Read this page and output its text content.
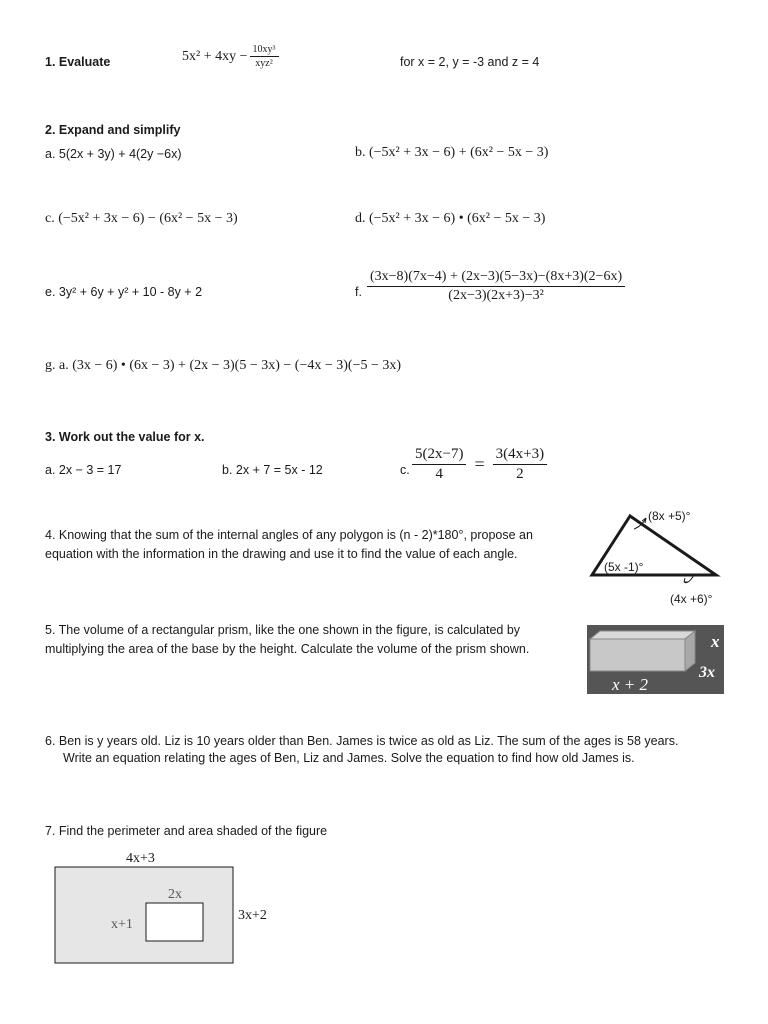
1. Evaluate	$5x^2 + 4xy - \frac{\text{10xy³}}{\text{xyz²}}$	for x = 2, y = -3 and z = 4
2. Expand and simplify
a. 5(2x + 3y) + 4(2y −6x)	b. (−5x² + 3x − 6) + (6x² − 5x − 3)
c. (−5x² + 3x − 6) − (6x² − 5x − 3)	d. (−5x² + 3x − 6) • (6x² − 5x − 3)
e. 3y² + 6y + y² + 10 - 8y + 2	f. $\frac{(3x-8)(7x-4) + (2x-3)(5-3x)-(8x+3)(2-6x)}{\text{(2x−3)(2x+3)−3²}}$
g. a. (3x − 6) • (6x − 3) + (2x − 3)(5 − 3x) − (−4x − 3)(−5 − 3x)
3. Work out the value for x.
a. 2x − 3 = 17	b. 2x + 7 = 5x - 12	c. $\frac{5(2x-7)}{4} = \frac{3(4x+3)}{2}$
4. Knowing that the sum of the internal angles of any polygon is (n - 2)*180°, propose an equation with the information in the drawing and use it to find the value of each angle.
(8x +5)°
(5x -1)°
(4x +6)°
5. The volume of a rectangular prism, like the one shown in the figure, is calculated by multiplying the area of the base by the height. Calculate the volume of the prism shown.
x + 2
x
3x
6. Ben is y years old. Liz is 10 years older than Ben. James is twice as old as Liz. The sum of the ages is 58 years.
Write an equation relating the ages of Ben, Liz and James. Solve the equation to find how old James is.
7. Find the perimeter and area shaded of the figure
4x+3
3x+2
2x
x+1
